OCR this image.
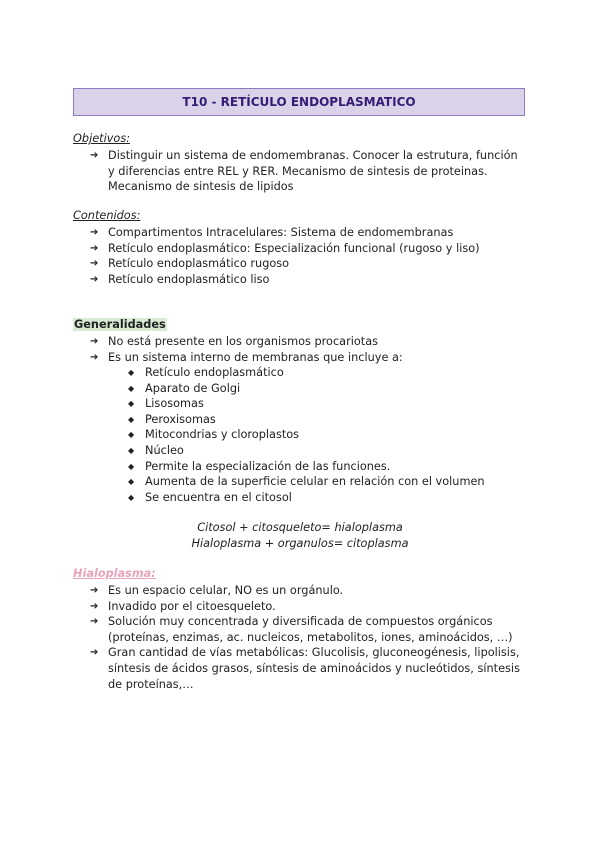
T10 - RETÍCULO ENDOPLASMATICO
Objetivos:
➔ Distinguir un sistema de endomembranas. Conocer la estrutura, función y diferencias entre REL y RER. Mecanismo de sintesis de proteinas. Mecanismo de sintesis de lipidos
Contenidos:
➔ Compartimentos Intracelulares: Sistema de endomembranas
➔ Retículo endoplasmático: Especialización funcional (rugoso y liso)
➔ Retículo endoplasmático rugoso
➔ Retículo endoplasmático liso
Generalidades
➔ No está presente en los organismos procariotas
➔ Es un sistema interno de membranas que incluye a:
◆ Retículo endoplasmático
◆ Aparato de Golgi
◆ Lisosomas
◆ Peroxisomas
◆ Mitocondrias y cloroplastos
◆ Núcleo
◆ Permite la especialización de las funciones.
◆ Aumenta de la superficie celular en relación con el volumen
◆ Se encuentra en el citosol
Citosol + citosqueleto= hialoplasma
Hialoplasma + organulos= citoplasma
Hialoplasma:
➔ Es un espacio celular, NO es un orgánulo.
➔ Invadido por el citoesqueleto.
➔ Solución muy concentrada y diversificada de compuestos orgánicos (proteínas, enzimas, ac. nucleicos, metabolitos, iones, aminoácidos, …)
➔ Gran cantidad de vías metabólicas: Glucolisis, gluconeogénesis, lipolisis, síntesis de ácidos grasos, síntesis de aminoácidos y nucleótidos, síntesis de proteínas,…
